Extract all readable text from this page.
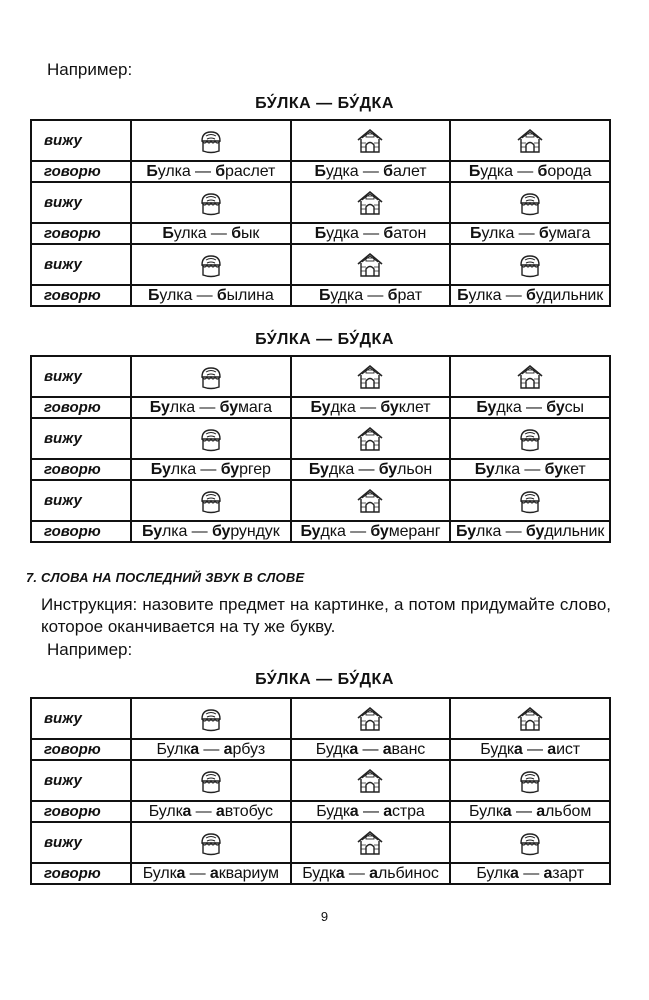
Например:
БУ́ЛКА — БУ́ДКА
вижу	

говорю	Булка — браслет	Будка — балет	Будка — борода
вижу	

говорю	Булка — бык	Будка — батон	Булка — бумага
вижу	

говорю	Булка — былина	Будка — брат	Булка — будильник
БУ́ЛКА — БУ́ДКА
вижу	

говорю	Булка — бумага	Будка — буклет	Будка — бусы
вижу	

говорю	Булка — бургер	Будка — бульон	Булка — букет
вижу	

говорю	Булка — бурундук	Будка — бумеранг	Булка — будильник
7. СЛОВА НА ПОСЛЕДНИЙ ЗВУК В СЛОВЕ
Инструкция: назовите предмет на картинке, а потом придумайте слово, которое оканчивается на ту же букву.
Например:
БУ́ЛКА — БУ́ДКА
вижу	

говорю	Булка — арбуз	Будка — аванс	Будка — аист
вижу	

говорю	Булка — автобус	Будка — астра	Булка — альбом
вижу	

говорю	Булка — аквариум	Будка — альбинос	Булка — азарт
9
